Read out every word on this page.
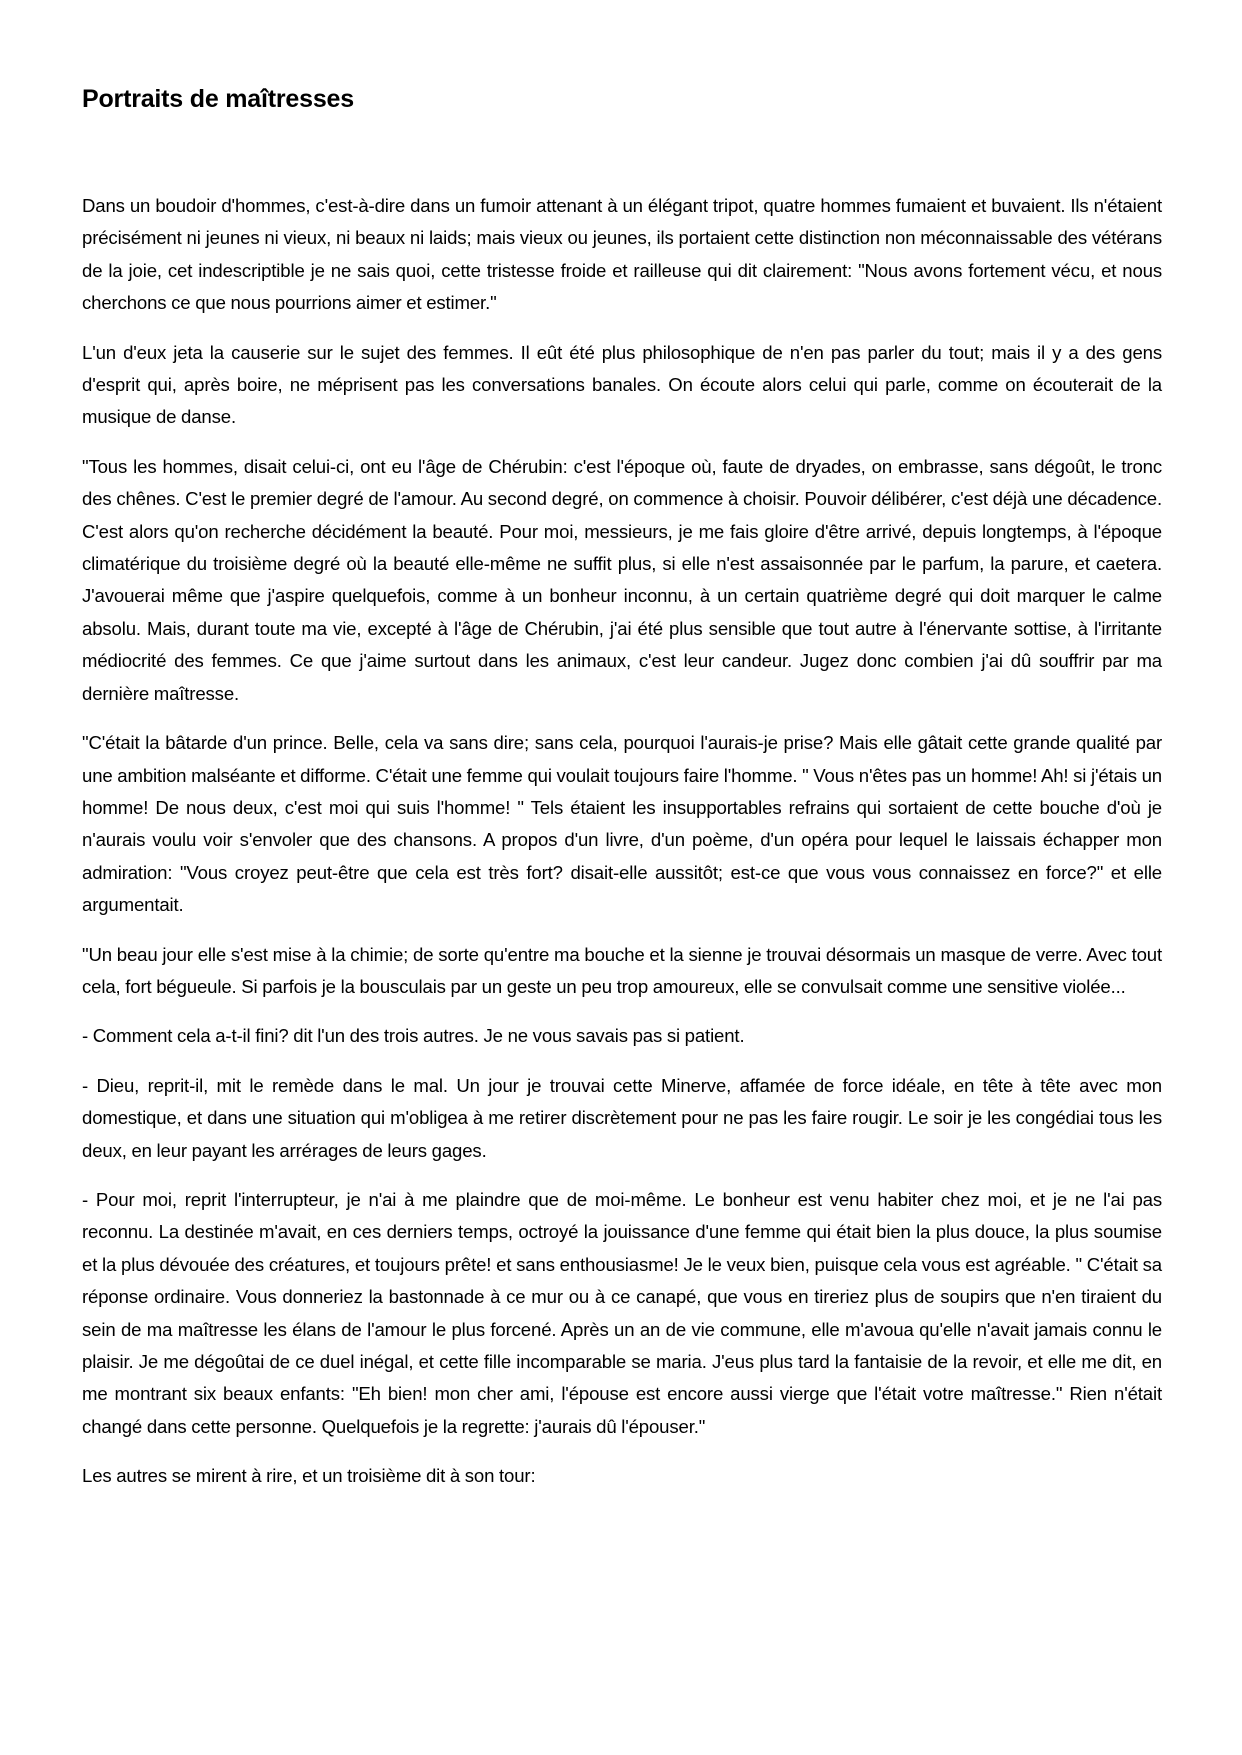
Portraits de maîtresses

Dans un boudoir d'hommes, c'est-à-dire dans un fumoir attenant à un élégant tripot, quatre hommes fumaient et buvaient. Ils n'étaient précisément ni jeunes ni vieux, ni beaux ni laids; mais vieux ou jeunes, ils portaient cette distinction non méconnaissable des vétérans de la joie, cet indescriptible je ne sais quoi, cette tristesse froide et railleuse qui dit clairement: "Nous avons fortement vécu, et nous cherchons ce que nous pourrions aimer et estimer."

L'un d'eux jeta la causerie sur le sujet des femmes. Il eût été plus philosophique de n'en pas parler du tout; mais il y a des gens d'esprit qui, après boire, ne méprisent pas les conversations banales. On écoute alors celui qui parle, comme on écouterait de la musique de danse.

"Tous les hommes, disait celui-ci, ont eu l'âge de Chérubin: c'est l'époque où, faute de dryades, on embrasse, sans dégoût, le tronc des chênes. C'est le premier degré de l'amour. Au second degré, on commence à choisir. Pouvoir délibérer, c'est déjà une décadence. C'est alors qu'on recherche décidément la beauté. Pour moi, messieurs, je me fais gloire d'être arrivé, depuis longtemps, à l'époque climatérique du troisième degré où la beauté elle-même ne suffit plus, si elle n'est assaisonnée par le parfum, la parure, et caetera. J'avouerai même que j'aspire quelquefois, comme à un bonheur inconnu, à un certain quatrième degré qui doit marquer le calme absolu. Mais, durant toute ma vie, excepté à l'âge de Chérubin, j'ai été plus sensible que tout autre à l'énervante sottise, à l'irritante médiocrité des femmes. Ce que j'aime surtout dans les animaux, c'est leur candeur. Jugez donc combien j'ai dû souffrir par ma dernière maîtresse.

"C'était la bâtarde d'un prince. Belle, cela va sans dire; sans cela, pourquoi l'aurais-je prise? Mais elle gâtait cette grande qualité par une ambition malséante et difforme. C'était une femme qui voulait toujours faire l'homme. " Vous n'êtes pas un homme! Ah! si j'étais un homme! De nous deux, c'est moi qui suis l'homme! " Tels étaient les insupportables refrains qui sortaient de cette bouche d'où je n'aurais voulu voir s'envoler que des chansons. A propos d'un livre, d'un poème, d'un opéra pour lequel le laissais échapper mon admiration: "Vous croyez peut-être que cela est très fort? disait-elle aussitôt; est-ce que vous vous connaissez en force?" et elle argumentait.

"Un beau jour elle s'est mise à la chimie; de sorte qu'entre ma bouche et la sienne je trouvai désormais un masque de verre. Avec tout cela, fort bégueule. Si parfois je la bousculais par un geste un peu trop amoureux, elle se convulsait comme une sensitive violée...

- Comment cela a-t-il fini? dit l'un des trois autres. Je ne vous savais pas si patient.

- Dieu, reprit-il, mit le remède dans le mal. Un jour je trouvai cette Minerve, affamée de force idéale, en tête à tête avec mon domestique, et dans une situation qui m'obligea à me retirer discrètement pour ne pas les faire rougir. Le soir je les congédiai tous les deux, en leur payant les arrérages de leurs gages.

- Pour moi, reprit l'interrupteur, je n'ai à me plaindre que de moi-même. Le bonheur est venu habiter chez moi, et je ne l'ai pas reconnu. La destinée m'avait, en ces derniers temps, octroyé la jouissance d'une femme qui était bien la plus douce, la plus soumise et la plus dévouée des créatures, et toujours prête! et sans enthousiasme! Je le veux bien, puisque cela vous est agréable. " C'était sa réponse ordinaire. Vous donneriez la bastonnade à ce mur ou à ce canapé, que vous en tireriez plus de soupirs que n'en tiraient du sein de ma maîtresse les élans de l'amour le plus forcené. Après un an de vie commune, elle m'avoua qu'elle n'avait jamais connu le plaisir. Je me dégoûtai de ce duel inégal, et cette fille incomparable se maria. J'eus plus tard la fantaisie de la revoir, et elle me dit, en me montrant six beaux enfants: "Eh bien! mon cher ami, l'épouse est encore aussi vierge que l'était votre maîtresse." Rien n'était changé dans cette personne. Quelquefois je la regrette: j'aurais dû l'épouser."

Les autres se mirent à rire, et un troisième dit à son tour:
